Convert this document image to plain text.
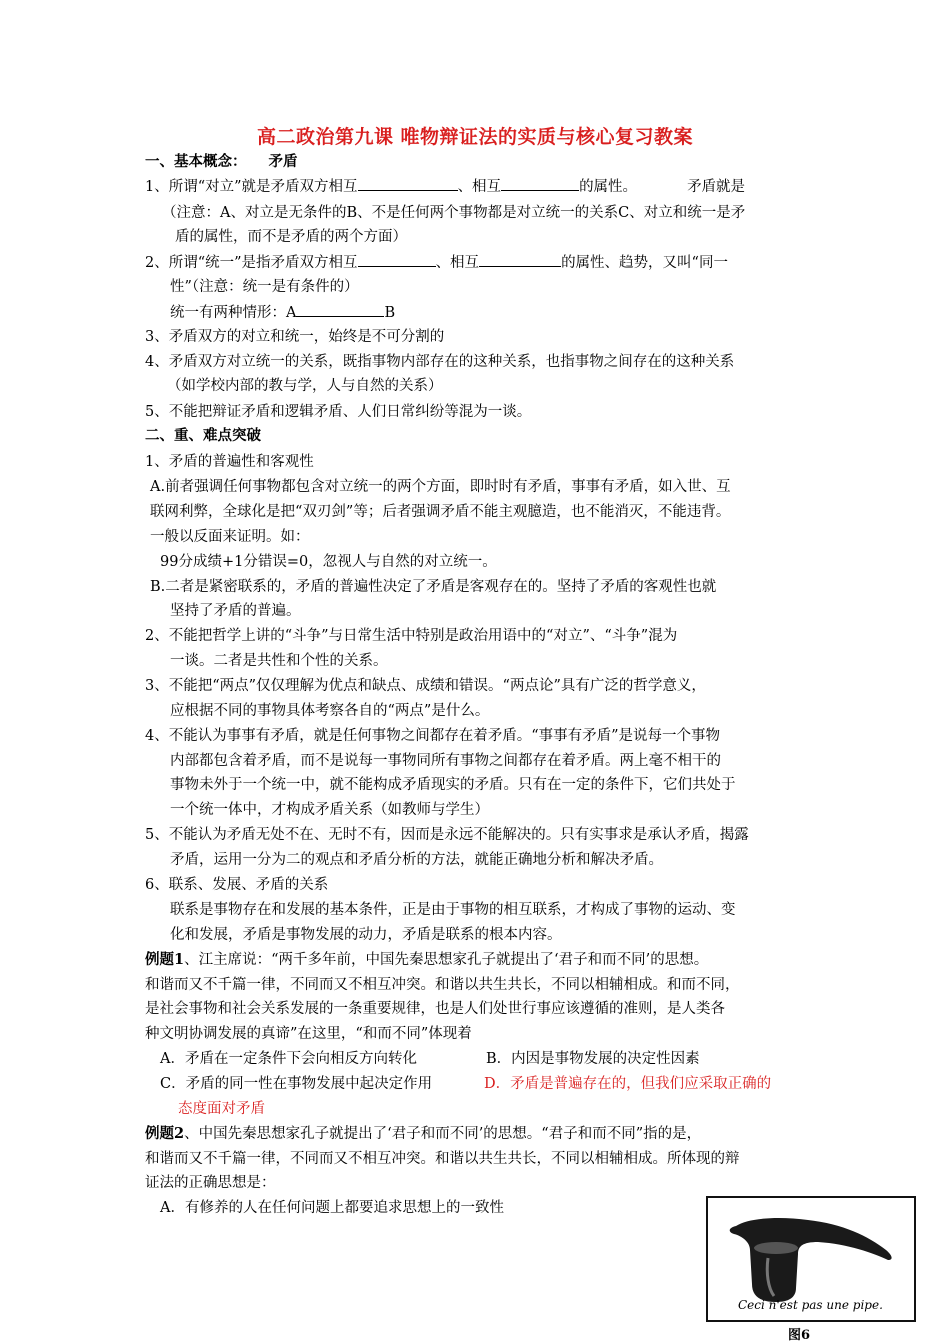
高二政治第九课 唯物辩证法的实质与核心复习教案
一、基本概念： 矛盾
1、所谓“对立”就是矛盾双方相互	、相互	的属性。	矛盾就是
（注意：A、对立是无条件的B、不是任何两个事物都是对立统一的关系C、对立和统一是矛
盾的属性，而不是矛盾的两个方面）
2、所谓“统一”是指矛盾双方相互	、相互	的属性、趋势，又叫“同一
性”（注意：统一是有条件的）
统一有两种情形：A	B
3、矛盾双方的对立和统一，始终是不可分割的
4、矛盾双方对立统一的关系，既指事物内部存在的这种关系，也指事物之间存在的这种关系
（如学校内部的教与学，人与自然的关系）
5、不能把辩证矛盾和逻辑矛盾、人们日常纠纷等混为一谈。
二、重、难点突破
1、矛盾的普遍性和客观性
A.前者强调任何事物都包含对立统一的两个方面，即时时有矛盾，事事有矛盾，如入世、互
联网利弊，全球化是把“双刃剑”等；后者强调矛盾不能主观臆造，也不能消灭，不能违背。
一般以反面来证明。如：
99分成绩+1分错误=0，忽视人与自然的对立统一。
B.二者是紧密联系的，矛盾的普遍性决定了矛盾是客观存在的。坚持了矛盾的客观性也就
坚持了矛盾的普遍。
2、不能把哲学上讲的“斗争”与日常生活中特别是政治用语中的“对立”、“斗争”混为
一谈。二者是共性和个性的关系。
3、不能把“两点”仅仅理解为优点和缺点、成绩和错误。“两点论”具有广泛的哲学意义，
应根据不同的事物具体考察各自的“两点”是什么。
4、不能认为事事有矛盾，就是任何事物之间都存在着矛盾。“事事有矛盾”是说每一个事物
内部都包含着矛盾，而不是说每一事物同所有事物之间都存在着矛盾。两上毫不相干的
事物未外于一个统一中，就不能构成矛盾现实的矛盾。只有在一定的条件下，它们共处于
一个统一体中，才构成矛盾关系（如教师与学生）
5、不能认为矛盾无处不在、无时不有，因而是永远不能解决的。只有实事求是承认矛盾，揭露
矛盾，运用一分为二的观点和矛盾分析的方法，就能正确地分析和解决矛盾。
6、联系、发展、矛盾的关系
联系是事物存在和发展的基本条件，正是由于事物的相互联系，才构成了事物的运动、变
化和发展，矛盾是事物发展的动力，矛盾是联系的根本内容。
例题1、江主席说：“两千多年前，中国先秦思想家孔子就提出了‘君子和而不同’的思想。
和谐而又不千篇一律，不同而又不相互冲突。和谐以共生共长，不同以相辅相成。和而不同，
是社会事物和社会关系发展的一条重要规律，也是人们处世行事应该遵循的准则，是人类各
种文明协调发展的真谛”在这里，“和而不同”体现着
A．矛盾在一定条件下会向相反方向转化	B．内因是事物发展的决定性因素
C．矛盾的同一性在事物发展中起决定作用	D．矛盾是普遍存在的，但我们应采取正确的
态度面对矛盾
例题2、中国先秦思想家孔子就提出了‘君子和而不同’的思想。“君子和而不同”指的是，
和谐而又不千篇一律，不同而又不相互冲突。和谐以共生共长，不同以相辅相成。所体现的辩
证法的正确思想是：
A．有修养的人在任何问题上都要追求思想上的一致性
Ceci n'est pas une pipe.
图6
